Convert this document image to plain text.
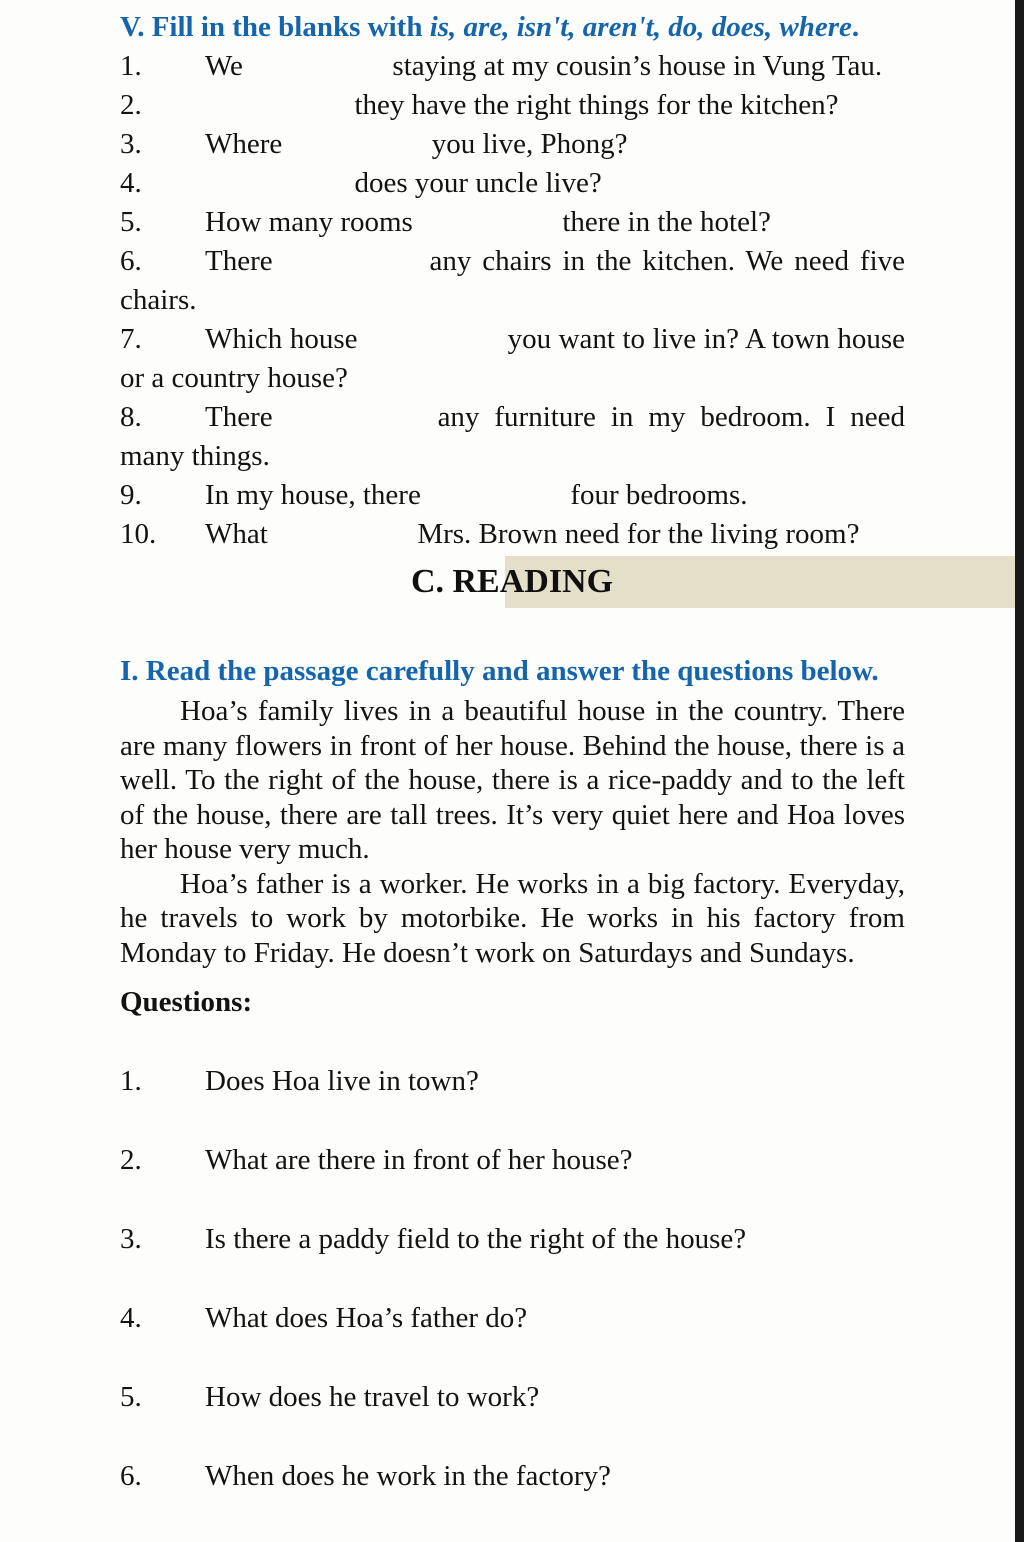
V. Fill in the blanks with is, are, isn't, aren't, do, does, where.

1. We	staying at my cousin’s house in Vung Tau.

2.	they have the right things for the kitchen?

3. Where	you live, Phong?

4.	does your uncle live?

5. How many rooms	there in the hotel?

6. There	any chairs in the kitchen. We need five chairs.

7. Which house	you want to live in? A town house or a country house?

8. There	any furniture in my bedroom. I need many things.

9. In my house, there	four bedrooms.

10. What	Mrs. Brown need for the living room?

C. READING

I. Read the passage carefully and answer the questions below.

Hoa’s family lives in a beautiful house in the country. There are many flowers in front of her house. Behind the house, there is a well. To the right of the house, there is a rice-paddy and to the left of the house, there are tall trees. It’s very quiet here and Hoa loves her house very much.

Hoa’s father is a worker. He works in a big factory. Everyday, he travels to work by motorbike. He works in his factory from Monday to Friday. He doesn’t work on Saturdays and Sundays.

Questions:

1. Does Hoa live in town?

2. What are there in front of her house?

3. Is there a paddy field to the right of the house?

4. What does Hoa’s father do?

5. How does he travel to work?

6. When does he work in the factory?
